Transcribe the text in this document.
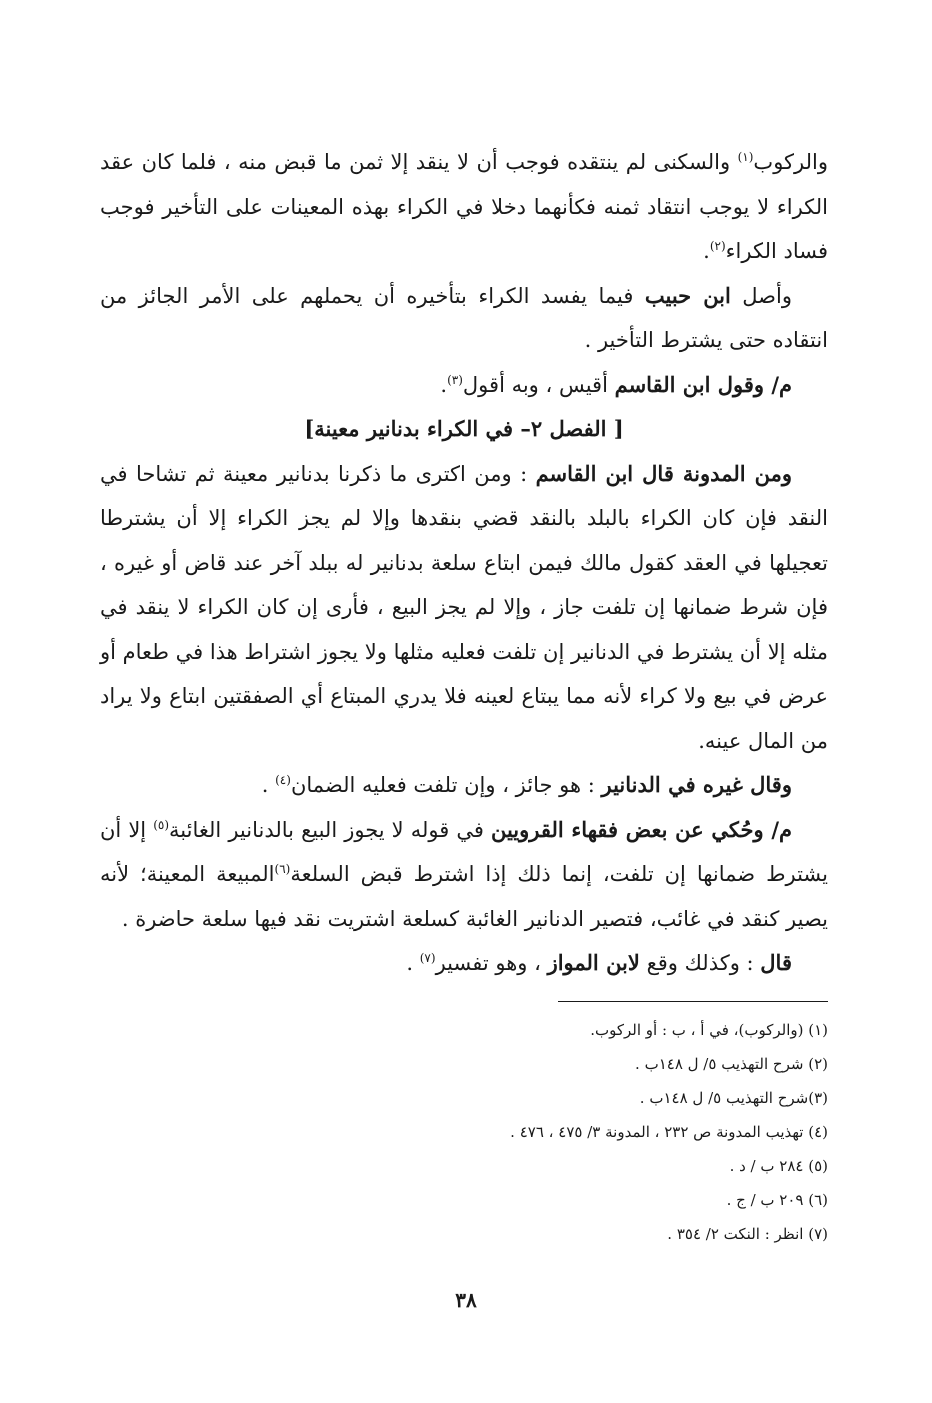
والركوب$^{(١)}$ والسكنى لم ينتقده فوجب أن لا ينقد إلا ثمن ما قبض منه ، فلما كان عقد الكراء لا يوجب انتقاد ثمنه فكأنهما دخلا في الكراء بهذه المعينات على التأخير فوجب فساد الكراء$^{(٢)}$.

وأصل ابن حبيب فيما يفسد الكراء بتأخيره أن يحملهم على الأمر الجائز من انتقاده حتى يشترط التأخير .

م/ وقول ابن القاسم أقيس ، وبه أقول$^{(٣)}$.

[ الفصل ٢– في الكراء بدنانير معينة]

ومن المدونة قال ابن القاسم : ومن اكترى ما ذكرنا بدنانير معينة ثم تشاحا في النقد فإن كان الكراء بالبلد بالنقد قضي بنقدها وإلا لم يجز الكراء إلا أن يشترطا تعجيلها في العقد كقول مالك فيمن ابتاع سلعة بدنانير له ببلد آخر عند قاض أو غيره ، فإن شرط ضمانها إن تلفت جاز ، وإلا لم يجز البيع ، فأرى إن كان الكراء لا ينقد في مثله إلا أن يشترط في الدنانير إن تلفت فعليه مثلها ولا يجوز اشتراط هذا في طعام أو عرض في بيع ولا كراء لأنه مما يبتاع لعينه فلا يدري المبتاع أي الصفقتين ابتاع ولا يراد من المال عينه.

وقال غيره في الدنانير : هو جائز ، وإن تلفت فعليه الضمان$^{(٤)}$ .

م/ وحُكي عن بعض فقهاء القرويين في قوله لا يجوز البيع بالدنانير الغائبة$^{(٥)}$ إلا أن يشترط ضمانها إن تلفت، إنما ذلك إذا اشترط قبض السلعة$^{(٦)}$المبيعة المعينة؛ لأنه يصير كنقد في غائب، فتصير الدنانير الغائبة كسلعة اشتريت نقد فيها سلعة حاضرة .

قال : وكذلك وقع لابن المواز ، وهو تفسير$^{(٧)}$ .

(١) (والركوب)، في أ ، ب : أو الركوب.

(٢) شرح التهذيب ٥/ ل ١٤٨ب .

(٣)شرح التهذيب ٥/ ل ١٤٨ب .

(٤) تهذيب المدونة ص ٢٣٢ ، المدونة ٣/ ٤٧٥ ، ٤٧٦ .

(٥) ٢٨٤ ب / د .

(٦) ٢٠٩ ب / ج .

(٧) انظر : النكت ٢/ ٣٥٤ .

٣٨
